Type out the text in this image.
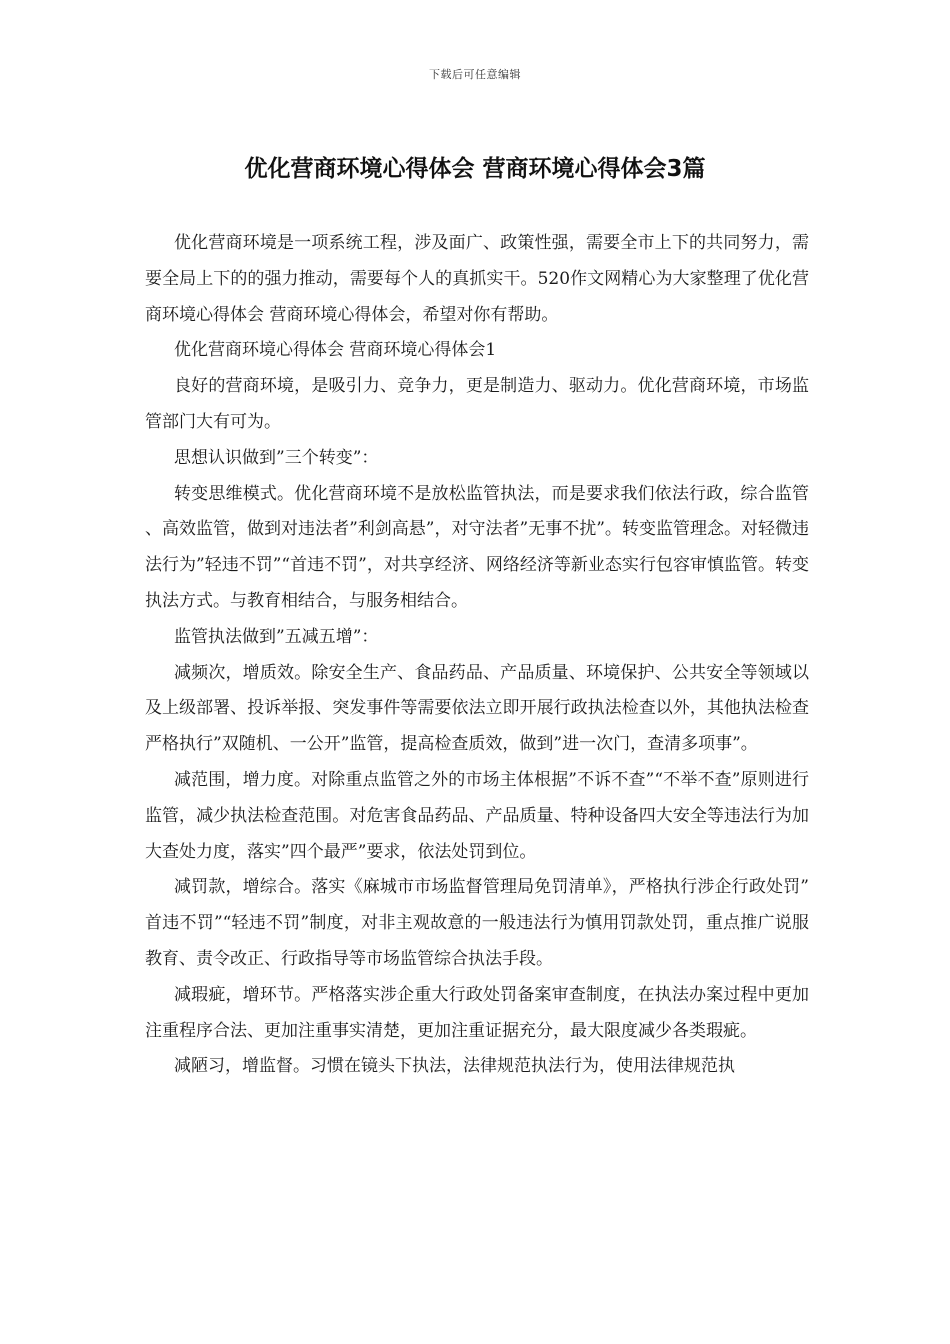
下载后可任意编辑
优化营商环境心得体会 营商环境心得体会3篇

优化营商环境是一项系统工程，涉及面广、政策性强，需要全市上下的共同努力，需要全局上下的的强力推动，需要每个人的真抓实干。520作文网精心为大家整理了优化营商环境心得体会 营商环境心得体会，希望对你有帮助。

优化营商环境心得体会 营商环境心得体会1

良好的营商环境，是吸引力、竞争力，更是制造力、驱动力。优化营商环境，市场监管部门大有可为。

思想认识做到”三个转变”：

转变思维模式。优化营商环境不是放松监管执法，而是要求我们依法行政，综合监管、高效监管，做到对违法者”利剑高悬”，对守法者”无事不扰”。转变监管理念。对轻微违法行为”轻违不罚”“首违不罚”，对共享经济、网络经济等新业态实行包容审慎监管。转变执法方式。与教育相结合，与服务相结合。

监管执法做到”五减五增”：

减频次，增质效。除安全生产、食品药品、产品质量、环境保护、公共安全等领域以及上级部署、投诉举报、突发事件等需要依法立即开展行政执法检查以外，其他执法检查严格执行”双随机、一公开”监管，提高检查质效，做到”进一次门，查清多项事”。

减范围，增力度。对除重点监管之外的市场主体根据”不诉不查”“不举不查”原则进行监管，减少执法检查范围。对危害食品药品、产品质量、特种设备四大安全等违法行为加大查处力度，落实”四个最严”要求，依法处罚到位。

减罚款，增综合。落实《麻城市市场监督管理局免罚清单》，严格执行涉企行政处罚”首违不罚”“轻违不罚”制度，对非主观故意的一般违法行为慎用罚款处罚，重点推广说服教育、责令改正、行政指导等市场监管综合执法手段。

减瑕疵，增环节。严格落实涉企重大行政处罚备案审查制度，在执法办案过程中更加注重程序合法、更加注重事实清楚，更加注重证据充分，最大限度减少各类瑕疵。

减陋习，增监督。习惯在镜头下执法，法律规范执法行为，使用法律规范执
